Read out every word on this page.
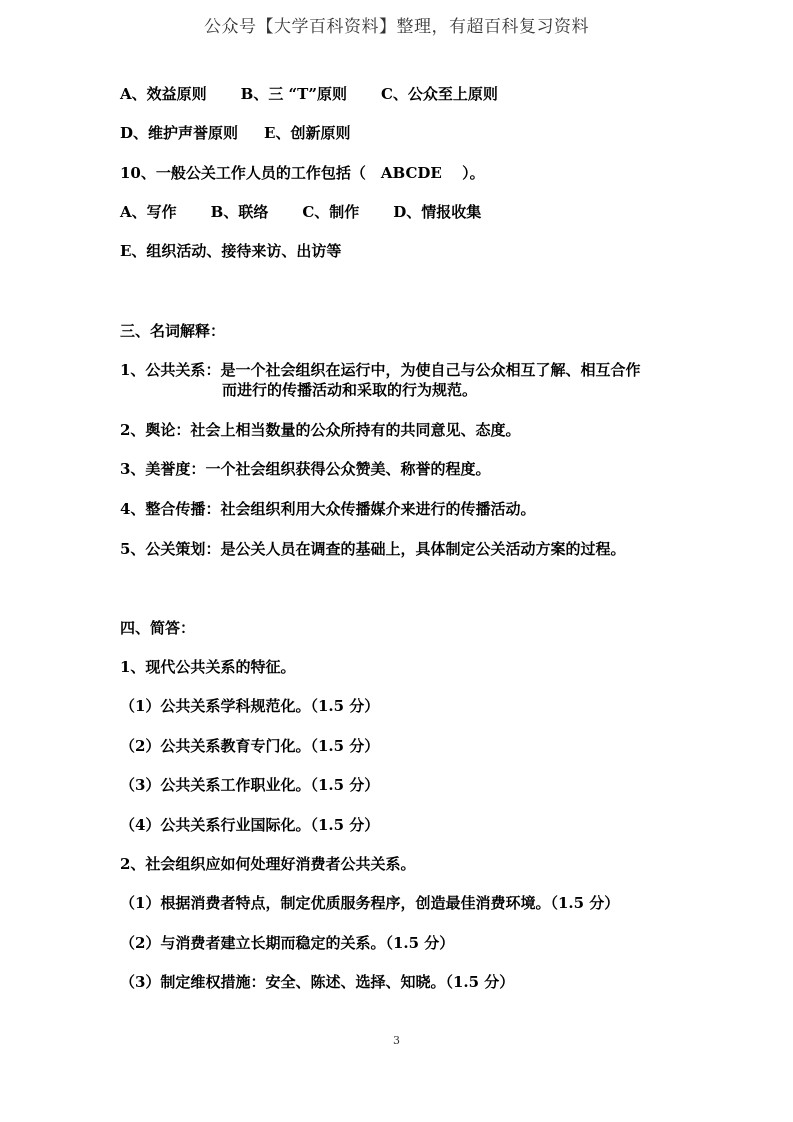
公众号【大学百科资料】整理，有超百科复习资料
A、效益原则 B、三 “T”原则 C、公众至上原则
D、维护声誉原则 E、创新原则
10、一般公关工作人员的工作包括（　ABCDE　 ）。
A、写作 B、联络 C、制作 D、情报收集
E、组织活动、接待来访、出访等
三、名词解释：
1、公共关系：是一个社会组织在运行中，为使自己与公众相互了解、相互合作
而进行的传播活动和采取的行为规范。
2、舆论：社会上相当数量的公众所持有的共同意见、态度。
3、美誉度：一个社会组织获得公众赞美、称誉的程度。
4、整合传播：社会组织利用大众传播媒介来进行的传播活动。
5、公关策划：是公关人员在调查的基础上，具体制定公关活动方案的过程。
四、简答：
1、现代公共关系的特征。
（1）公共关系学科规范化。（1.5 分）
（2）公共关系教育专门化。（1.5 分）
（3）公共关系工作职业化。（1.5 分）
（4）公共关系行业国际化。（1.5 分）
2、社会组织应如何处理好消费者公共关系。
（1）根据消费者特点，制定优质服务程序，创造最佳消费环境。（1.5 分）
（2）与消费者建立长期而稳定的关系。（1.5 分）
（3）制定维权措施：安全、陈述、选择、知晓。（1.5 分）
3
